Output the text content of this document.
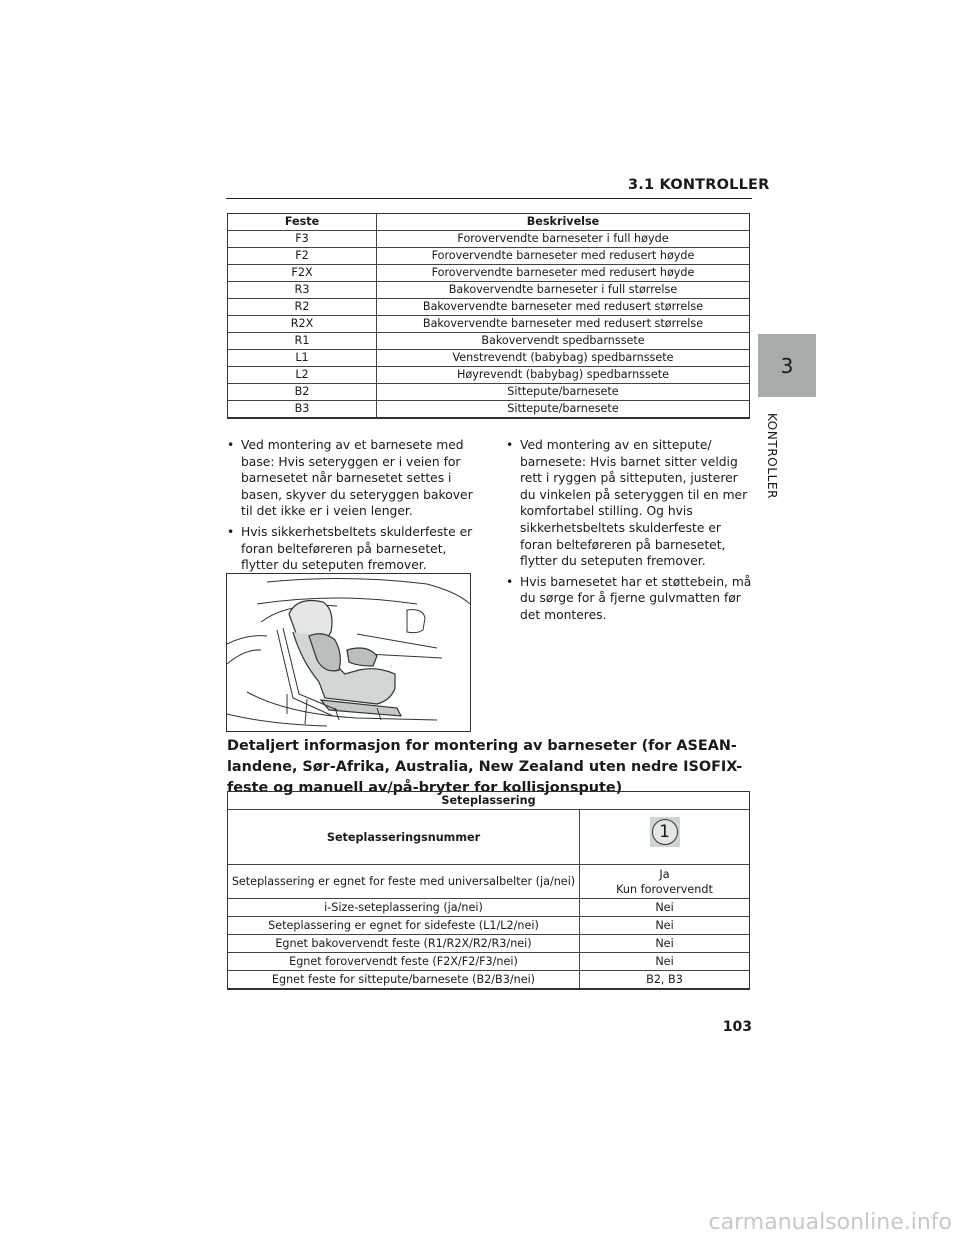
3.1 KONTROLLER
3
KONTROLLER
Feste	Beskrivelse
F3	Forovervendte barneseter i full høyde
F2	Forovervendte barneseter med redusert høyde
F2X	Forovervendte barneseter med redusert høyde
R3	Bakovervendte barneseter i full størrelse
R2	Bakovervendte barneseter med redusert størrelse
R2X	Bakovervendte barneseter med redusert størrelse
R1	Bakovervendt spedbarnssete
L1	Venstrevendt (babybag) spedbarnssete
L2	Høyrevendt (babybag) spedbarnssete
B2	Sittepute/barnesete
B3	Sittepute/barnesete
• Ved montering av et barnesete med base: Hvis seteryggen er i veien for barnesetet når barnesetet settes i basen, skyver du seteryggen bakover til det ikke er i veien lenger.
• Hvis sikkerhetsbeltets skulderfeste er foran belteføreren på barnesetet, flytter du seteputen fremover.
• Ved montering av en sittepute/ barnesete: Hvis barnet sitter veldig rett i ryggen på sitteputen, justerer du vinkelen på seteryggen til en mer komfortabel stilling. Og hvis sikkerhetsbeltets skulderfeste er foran belteføreren på barnesetet, flytter du seteputen fremover.
• Hvis barnesetet har et støttebein, må du sørge for å fjerne gulvmatten før det monteres.
Detaljert informasjon for montering av barneseter (for ASEAN-landene, Sør-Afrika, Australia, New Zealand uten nedre ISOFIX-feste og manuell av/på-bryter for kollisjonspute)
Seteplassering	
Seteplasseringsnummer	1

Seteplassering er egnet for feste med universalbelter (ja/nei)	Ja
Kun forovervendt

i-Size-seteplassering (ja/nei)	Nei
Seteplassering er egnet for sidefeste (L1/L2/nei)	Nei
Egnet bakovervendt feste (R1/R2X/R2/R3/nei)	Nei
Egnet forovervendt feste (F2X/F2/F3/nei)	Nei
Egnet feste for sittepute/barnesete (B2/B3/nei)	B2, B3
103
carmanualsonline.info
